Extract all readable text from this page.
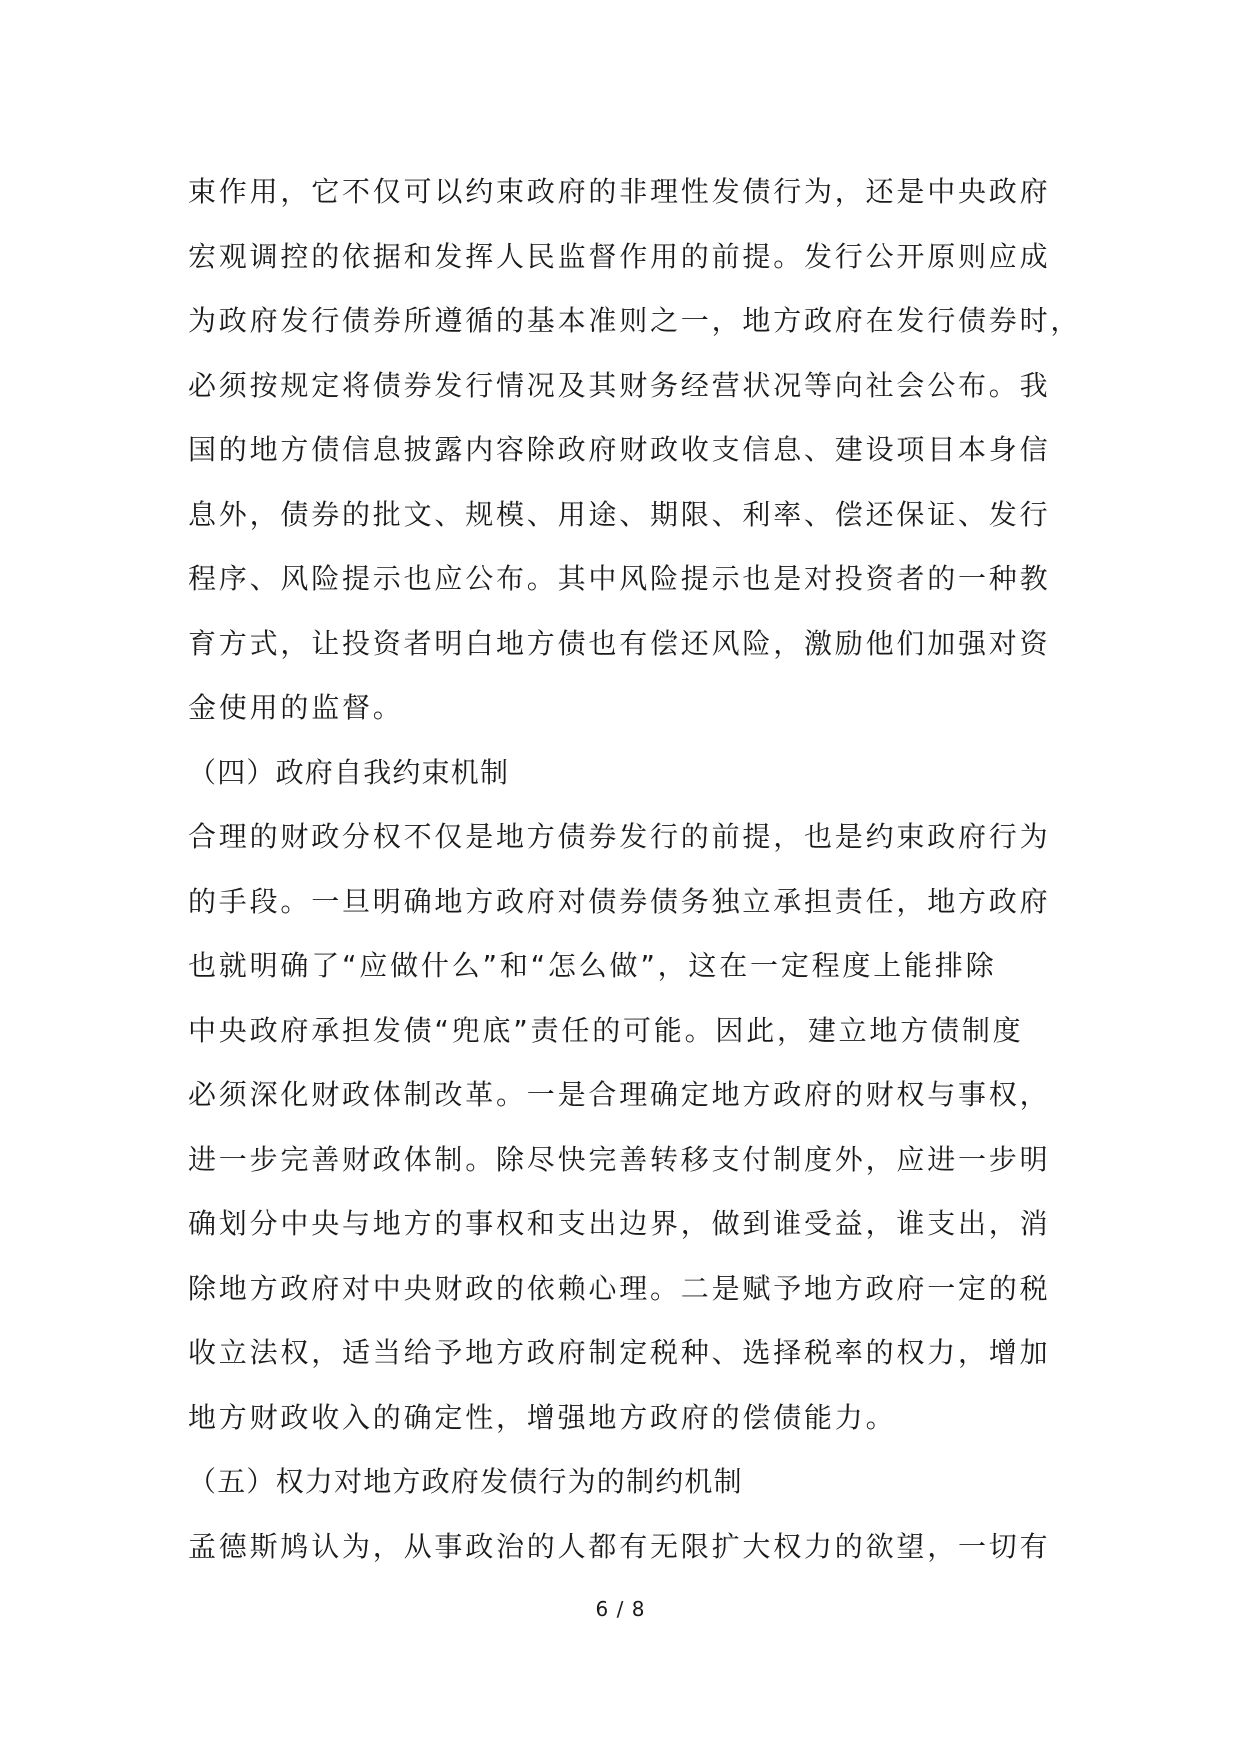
束作用，它不仅可以约束政府的非理性发债行为，还是中央政府
宏观调控的依据和发挥人民监督作用的前提。发行公开原则应成
为政府发行债券所遵循的基本准则之一，地方政府在发行债券时，
必须按规定将债券发行情况及其财务经营状况等向社会公布。我
国的地方债信息披露内容除政府财政收支信息、建设项目本身信
息外，债券的批文、规模、用途、期限、利率、偿还保证、发行
程序、风险提示也应公布。其中风险提示也是对投资者的一种教
育方式，让投资者明白地方债也有偿还风险，激励他们加强对资
金使用的监督。
（四）政府自我约束机制
合理的财政分权不仅是地方债券发行的前提，也是约束政府行为
的手段。一旦明确地方政府对债券债务独立承担责任，地方政府
也就明确了“应做什么”和“怎么做”，这在一定程度上能排除
中央政府承担发债“兜底”责任的可能。因此，建立地方债制度
必须深化财政体制改革。一是合理确定地方政府的财权与事权，
进一步完善财政体制。除尽快完善转移支付制度外，应进一步明
确划分中央与地方的事权和支出边界，做到谁受益，谁支出，消
除地方政府对中央财政的依赖心理。二是赋予地方政府一定的税
收立法权，适当给予地方政府制定税种、选择税率的权力，增加
地方财政收入的确定性，增强地方政府的偿债能力。
（五）权力对地方政府发债行为的制约机制
孟德斯鸠认为，从事政治的人都有无限扩大权力的欲望，一切有
6 / 8
